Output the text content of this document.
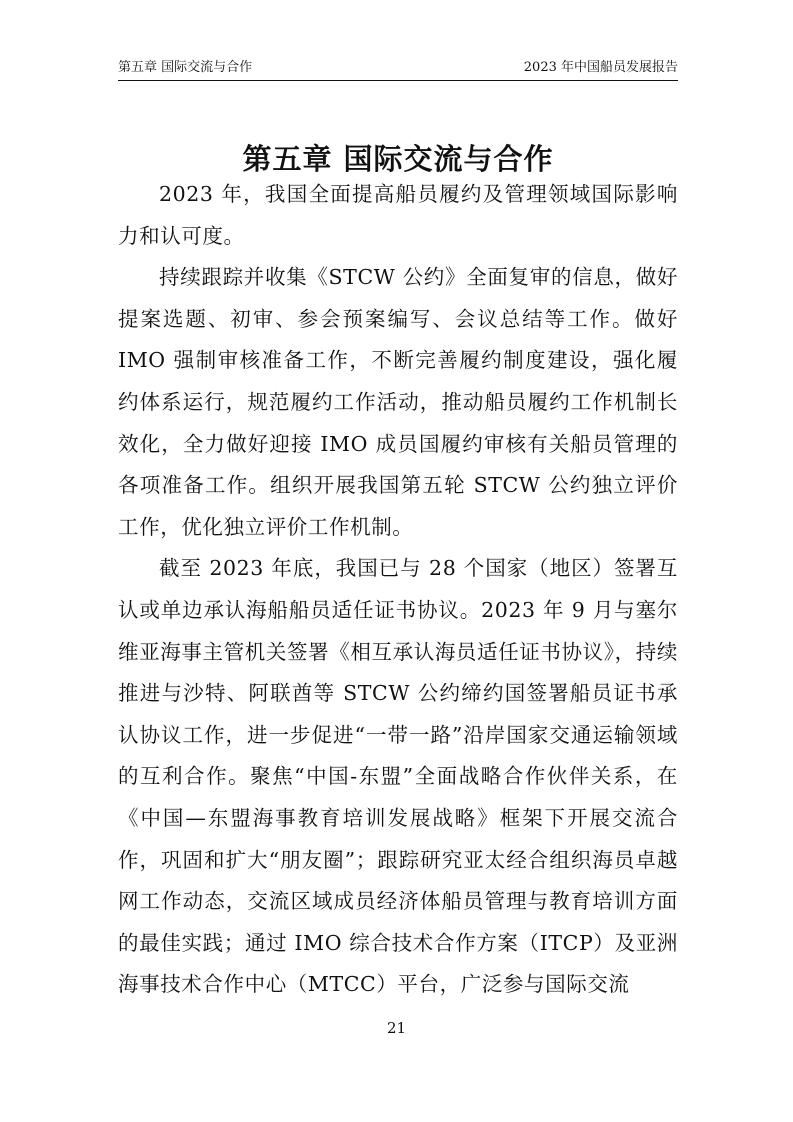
第五章 国际交流与合作	2023 年中国船员发展报告
第五章 国际交流与合作

2023 年，我国全面提高船员履约及管理领域国际影响力和认可度。

持续跟踪并收集《STCW 公约》全面复审的信息，做好提案选题、初审、参会预案编写、会议总结等工作。做好 IMO 强制审核准备工作，不断完善履约制度建设，强化履约体系运行，规范履约工作活动，推动船员履约工作机制长效化，全力做好迎接 IMO 成员国履约审核有关船员管理的各项准备工作。组织开展我国第五轮 STCW 公约独立评价工作，优化独立评价工作机制。

截至 2023 年底，我国已与 28 个国家（地区）签署互认或单边承认海船船员适任证书协议。2023 年 9 月与塞尔维亚海事主管机关签署《相互承认海员适任证书协议》，持续推进与沙特、阿联酋等 STCW 公约缔约国签署船员证书承认协议工作，进一步促进“一带一路”沿岸国家交通运输领域的互利合作。聚焦“中国-东盟”全面战略合作伙伴关系，在《中国—东盟海事教育培训发展战略》框架下开展交流合作，巩固和扩大“朋友圈”；跟踪研究亚太经合组织海员卓越网工作动态，交流区域成员经济体船员管理与教育培训方面的最佳实践；通过 IMO 综合技术合作方案（ITCP）及亚洲海事技术合作中心（MTCC）平台，广泛参与国际交流

21
